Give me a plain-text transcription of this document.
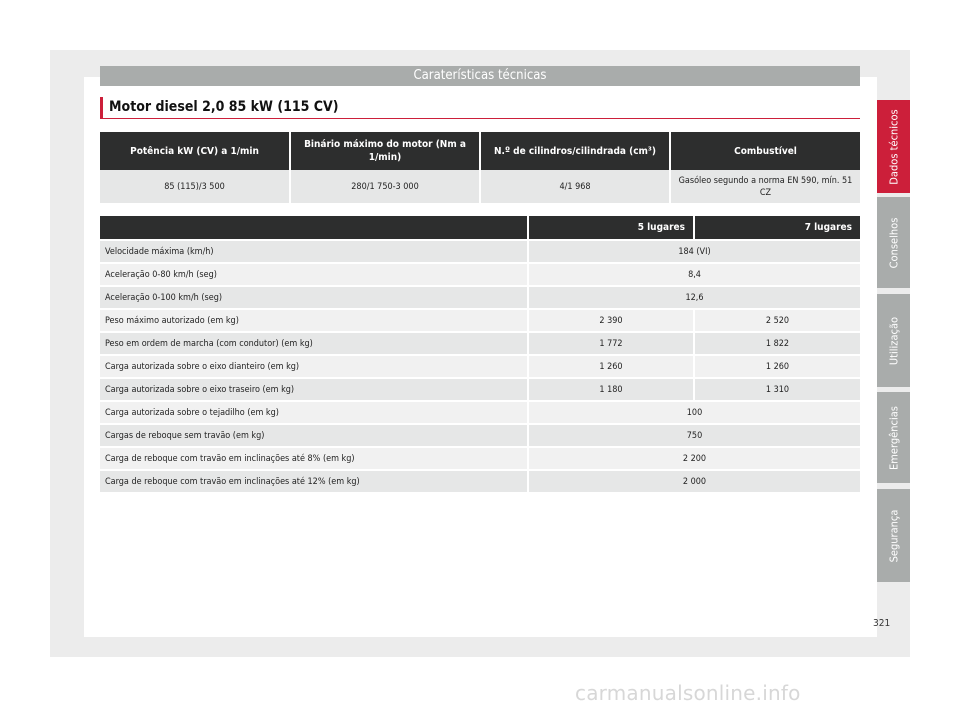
Caraterísticas técnicas
Motor diesel 2,0 85 kW (115 CV)
Potência kW (CV) a 1/min	Binário máximo do motor (Nm a 1/min)	N.º de cilindros/cilindrada (cm³)	Combustível
85 (115)/3 500	280/1 750-3 000	4/1 968	Gasóleo segundo a norma EN 590, mín. 51 CZ
	5 lugares	7 lugares
Velocidade máxima (km/h)	184 (VI)	
Aceleração 0-80 km/h (seg)	8,4	
Aceleração 0-100 km/h (seg)	12,6	
Peso máximo autorizado (em kg)	2 390	2 520
Peso em ordem de marcha (com condutor) (em kg)	1 772	1 822
Carga autorizada sobre o eixo dianteiro (em kg)	1 260	1 260
Carga autorizada sobre o eixo traseiro (em kg)	1 180	1 310
Carga autorizada sobre o tejadilho (em kg)	100	
Cargas de reboque sem travão (em kg)	750	
Carga de reboque com travão em inclinações até 8% (em kg)	2 200	
Carga de reboque com travão em inclinações até 12% (em kg)	2 000	
Dados técnicos
Conselhos
Utilização
Emergências
Segurança
321
carmanualsonline.info
